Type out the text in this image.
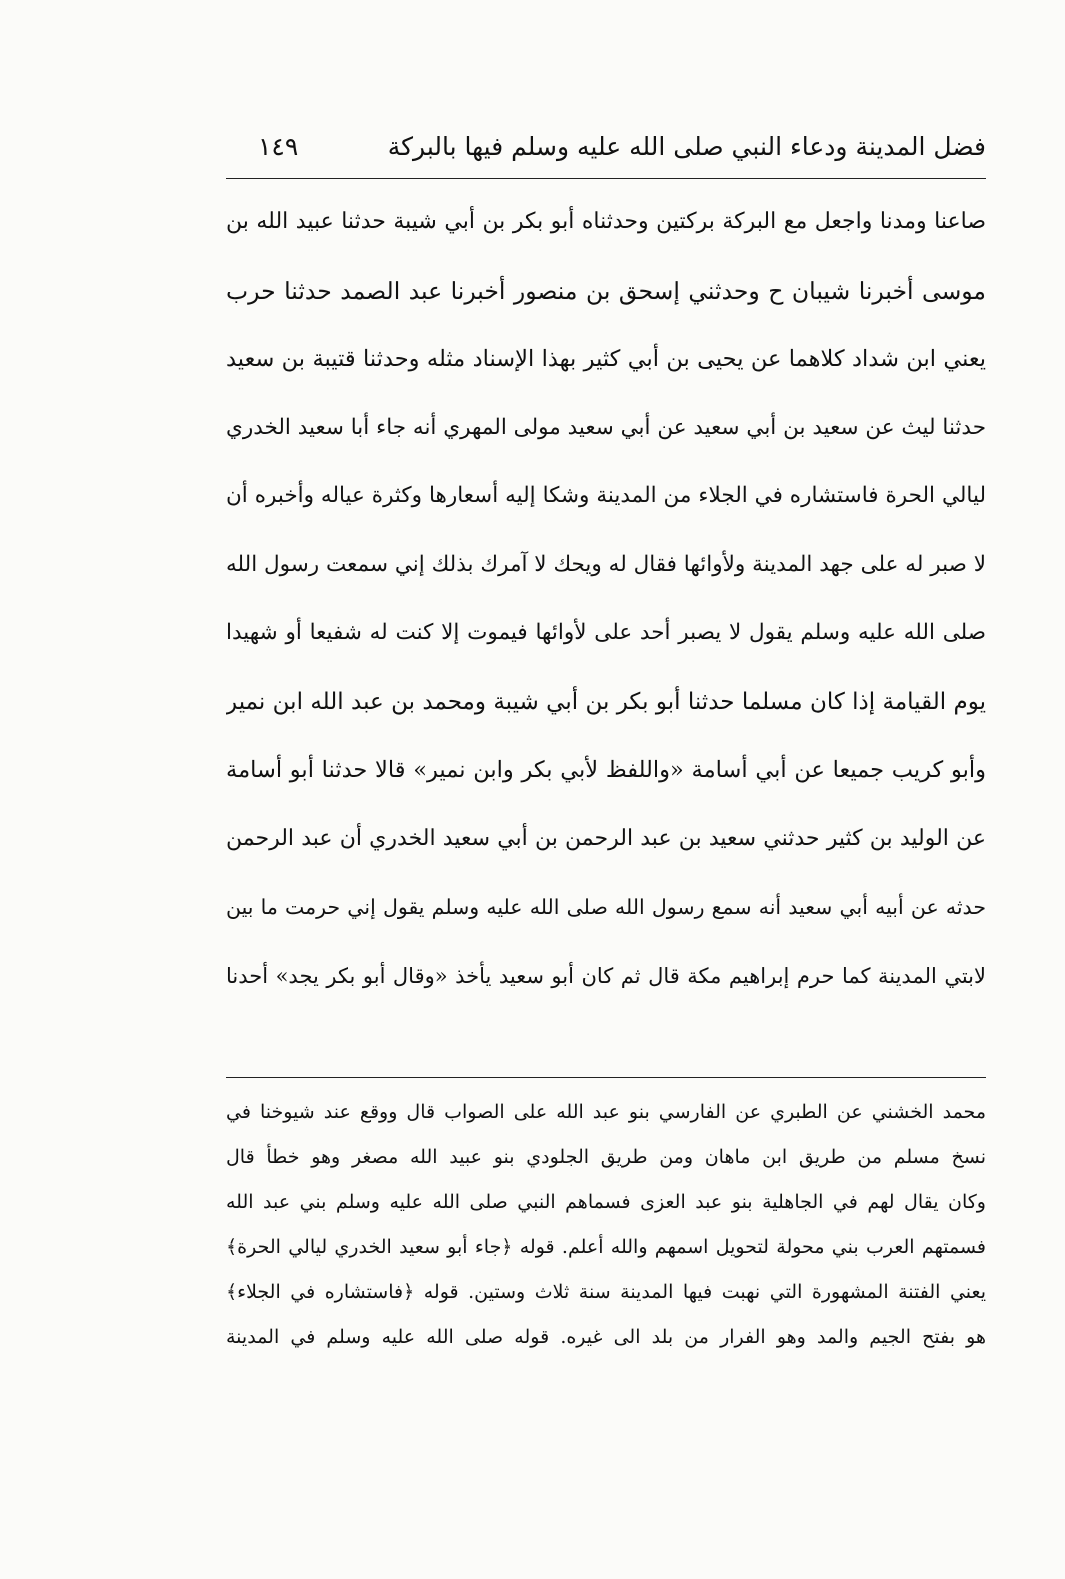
فضل المدينة ودعاء النبي صلى الله عليه وسلم فيها بالبركة
١٤٩
صاعنا ومدنا واجعل مع البركة بركتين وحدثناه أبو بكر بن أبي شيبة حدثنا عبيد الله بن
موسى أخبرنا شيبان ح وحدثني إسحق بن منصور أخبرنا عبد الصمد حدثنا حرب
يعني ابن شداد كلاهما عن يحيى بن أبي كثير بهذا الإسناد مثله وحدثنا قتيبة بن سعيد
حدثنا ليث عن سعيد بن أبي سعيد عن أبي سعيد مولى المهري أنه جاء أبا سعيد الخدري
ليالي الحرة فاستشاره في الجلاء من المدينة وشكا إليه أسعارها وكثرة عياله وأخبره أن
لا صبر له على جهد المدينة ولأوائها فقال له ويحك لا آمرك بذلك إني سمعت رسول الله
صلى الله عليه وسلم يقول لا يصبر أحد على لأوائها فيموت إلا كنت له شفيعا أو شهيدا
يوم القيامة إذا كان مسلما حدثنا أبو بكر بن أبي شيبة ومحمد بن عبد الله ابن نمير
وأبو كريب جميعا عن أبي أسامة «واللفظ لأبي بكر وابن نمير» قالا حدثنا أبو أسامة
عن الوليد بن كثير حدثني سعيد بن عبد الرحمن بن أبي سعيد الخدري أن عبد الرحمن
حدثه عن أبيه أبي سعيد أنه سمع رسول الله صلى الله عليه وسلم يقول إني حرمت ما بين
لابتي المدينة كما حرم إبراهيم مكة قال ثم كان أبو سعيد يأخذ «وقال أبو بكر يجد» أحدنا
محمد الخشني عن الطبري عن الفارسي بنو عبد الله على الصواب قال ووقع عند شيوخنا في
نسخ مسلم من طريق ابن ماهان ومن طريق الجلودي بنو عبيد الله مصغر وهو خطأ قال
وكان يقال لهم في الجاهلية بنو عبد العزى فسماهم النبي صلى الله عليه وسلم بني عبد الله
فسمتهم العرب بني محولة لتحويل اسمهم والله أعلم. قوله ﴿جاء أبو سعيد الخدري ليالي الحرة﴾
يعني الفتنة المشهورة التي نهبت فيها المدينة سنة ثلاث وستين. قوله ﴿فاستشاره في الجلاء﴾
هو بفتح الجيم والمد وهو الفرار من بلد الى غيره. قوله صلى الله عليه وسلم في المدينة
